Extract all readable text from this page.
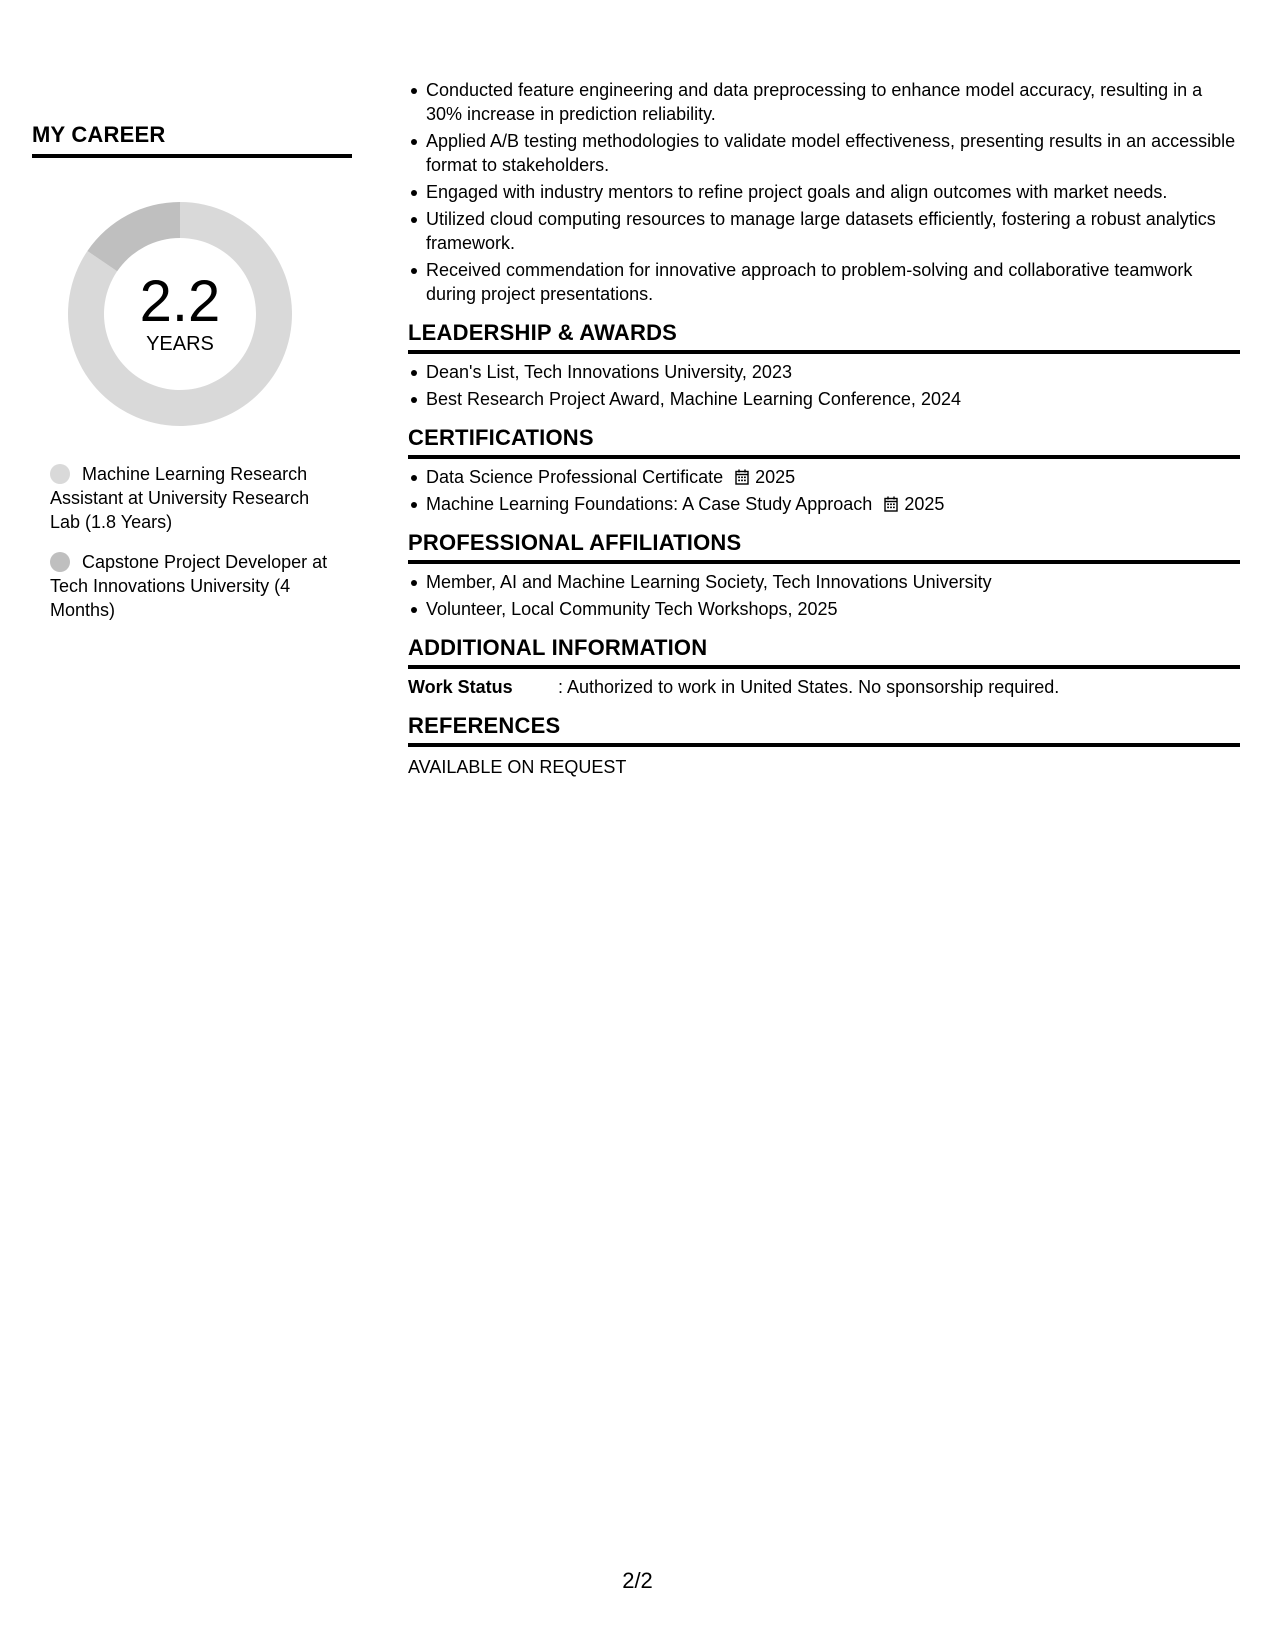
MY CAREER
2.2
YEARS
Machine Learning Research Assistant at University Research Lab (1.8 Years)
Capstone Project Developer at Tech Innovations University (4 Months)
Conducted feature engineering and data preprocessing to enhance model accuracy, resulting in a 30% increase in prediction reliability.
Applied A/B testing methodologies to validate model effectiveness, presenting results in an accessible format to stakeholders.
Engaged with industry mentors to refine project goals and align outcomes with market needs.
Utilized cloud computing resources to manage large datasets efficiently, fostering a robust analytics framework.
Received commendation for innovative approach to problem-solving and collaborative teamwork during project presentations.
LEADERSHIP & AWARDS
Dean's List, Tech Innovations University, 2023
Best Research Project Award, Machine Learning Conference, 2024
CERTIFICATIONS
Data Science Professional Certificate 2025
Machine Learning Foundations: A Case Study Approach 2025
PROFESSIONAL AFFILIATIONS
Member, AI and Machine Learning Society, Tech Innovations University
Volunteer, Local Community Tech Workshops, 2025
ADDITIONAL INFORMATION
Work Status	: Authorized to work in United States. No sponsorship required.
REFERENCES
AVAILABLE ON REQUEST
2/2
